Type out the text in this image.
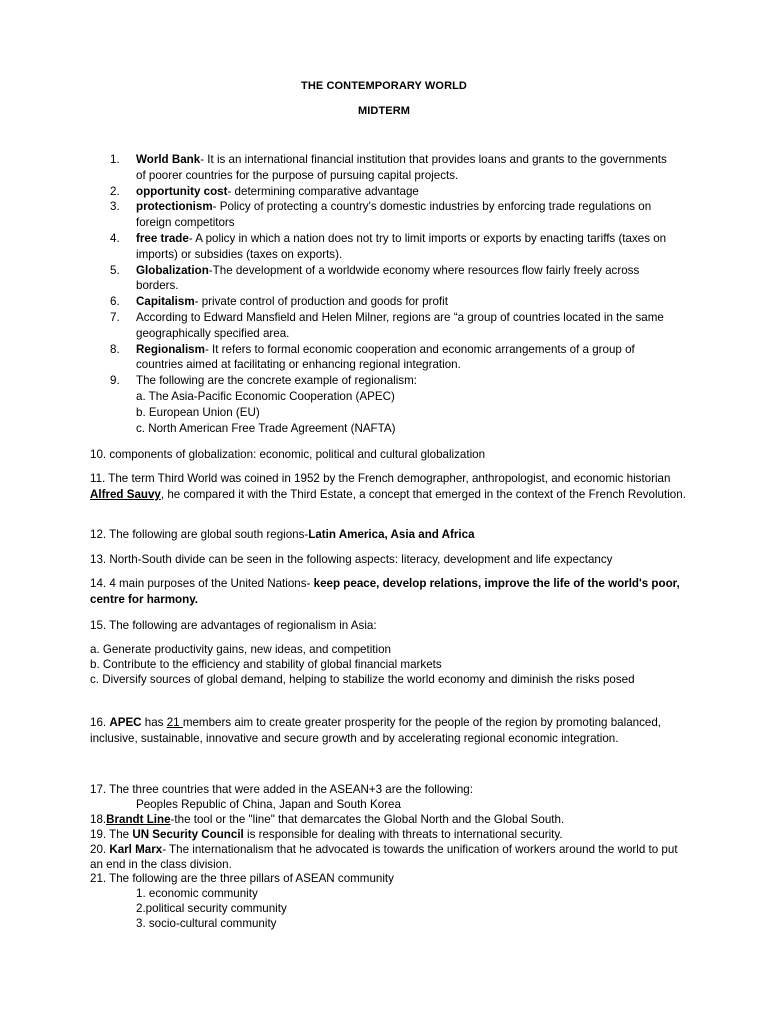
THE CONTEMPORARY WORLD
MIDTERM
1. World Bank- It is an international financial institution that provides loans and grants to the governments of poorer countries for the purpose of pursuing capital projects.
2. opportunity cost- determining comparative advantage
3. protectionism- Policy of protecting a country's domestic industries by enforcing trade regulations on foreign competitors
4. free trade- A policy in which a nation does not try to limit imports or exports by enacting tariffs (taxes on imports) or subsidies (taxes on exports).
5. Globalization-The development of a worldwide economy where resources flow fairly freely across borders.
6. Capitalism- private control of production and goods for profit
7. According to Edward Mansfield and Helen Milner, regions are “a group of countries located in the same geographically specified area.
8. Regionalism- It refers to formal economic cooperation and economic arrangements of a group of countries aimed at facilitating or enhancing regional integration.
9. The following are the concrete example of regionalism:
a. The Asia-Pacific Economic Cooperation (APEC)
b. European Union (EU)
c. North American Free Trade Agreement (NAFTA)
10. components of globalization: economic, political and cultural globalization
11. The term Third World was coined in 1952 by the French demographer, anthropologist, and economic historian Alfred Sauvy, he compared it with the Third Estate, a concept that emerged in the context of the French Revolution.
12. The following are global south regions-Latin America, Asia and Africa
13. North-South divide can be seen in the following aspects: literacy, development and life expectancy
14. 4 main purposes of the United Nations- keep peace, develop relations, improve the life of the world's poor, centre for harmony.
15. The following are advantages of regionalism in Asia:
a. Generate productivity gains, new ideas, and competition
b. Contribute to the efficiency and stability of global financial markets
c. Diversify sources of global demand, helping to stabilize the world economy and diminish the risks posed
16. APEC has 21 members aim to create greater prosperity for the people of the region by promoting balanced, inclusive, sustainable, innovative and secure growth and by accelerating regional economic integration.
17. The three countries that were added in the ASEAN+3 are the following:
Peoples Republic of China, Japan and South Korea
18.Brandt Line-the tool or the "line" that demarcates the Global North and the Global South.
19. The UN Security Council is responsible for dealing with threats to international security.
20. Karl Marx- The internationalism that he advocated is towards the unification of workers around the world to put an end in the class division.
21. The following are the three pillars of ASEAN community
1. economic community
2.political security community
3. socio-cultural community
